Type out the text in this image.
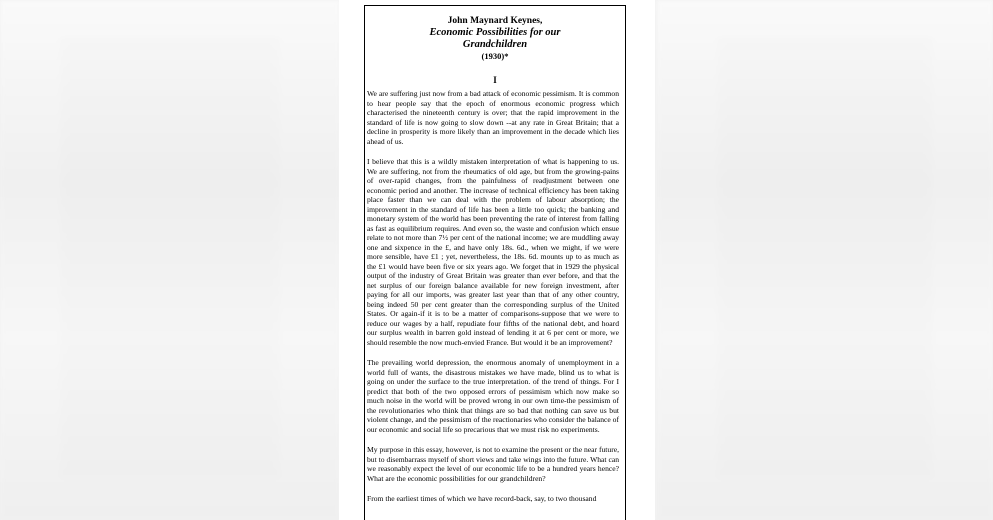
John Maynard Keynes,
Economic Possibilities for our
Grandchildren
(1930)*
I

We are suffering just now from a bad attack of economic pessimism. It is common to hear people say that the epoch of enormous economic progress which characterised the nineteenth century is over; that the rapid improvement in the standard of life is now going to slow down --at any rate in Great Britain; that a decline in prosperity is more likely than an improvement in the decade which lies ahead of us.

I believe that this is a wildly mistaken interpretation of what is happening to us. We are suffering, not from the rheumatics of old age, but from the growing-pains of over-rapid changes, from the painfulness of readjustment between one economic period and another. The increase of technical efficiency has been taking place faster than we can deal with the problem of labour absorption; the improvement in the standard of life has been a little too quick; the banking and monetary system of the world has been preventing the rate of interest from falling as fast as equilibrium requires. And even so, the waste and confusion which ensue relate to not more than 7½ per cent of the national income; we are muddling away one and sixpence in the £, and have only 18s. 6d., when we might, if we were more sensible, have £1 ; yet, nevertheless, the 18s. 6d. mounts up to as much as the £1 would have been five or six years ago. We forget that in 1929 the physical output of the industry of Great Britain was greater than ever before, and that the net surplus of our foreign balance available for new foreign investment, after paying for all our imports, was greater last year than that of any other country, being indeed 50 per cent greater than the corresponding surplus of the United States. Or again-if it is to be a matter of comparisons-suppose that we were to reduce our wages by a half, repudiate four fifths of the national debt, and hoard our surplus wealth in barren gold instead of lending it at 6 per cent or more, we should resemble the now much-envied France. But would it be an improvement?

The prevailing world depression, the enormous anomaly of unemployment in a world full of wants, the disastrous mistakes we have made, blind us to what is going on under the surface to the true interpretation. of the trend of things. For I predict that both of the two opposed errors of pessimism which now make so much noise in the world will be proved wrong in our own time-the pessimism of the revolutionaries who think that things are so bad that nothing can save us but violent change, and the pessimism of the reactionaries who consider the balance of our economic and social life so precarious that we must risk no experiments.

My purpose in this essay, however, is not to examine the present or the near future, but to disembarrass myself of short views and take wings into the future. What can we reasonably expect the level of our economic life to be a hundred years hence? What are the economic possibilities for our grandchildren?

From the earliest times of which we have record-back, say, to two thousand
